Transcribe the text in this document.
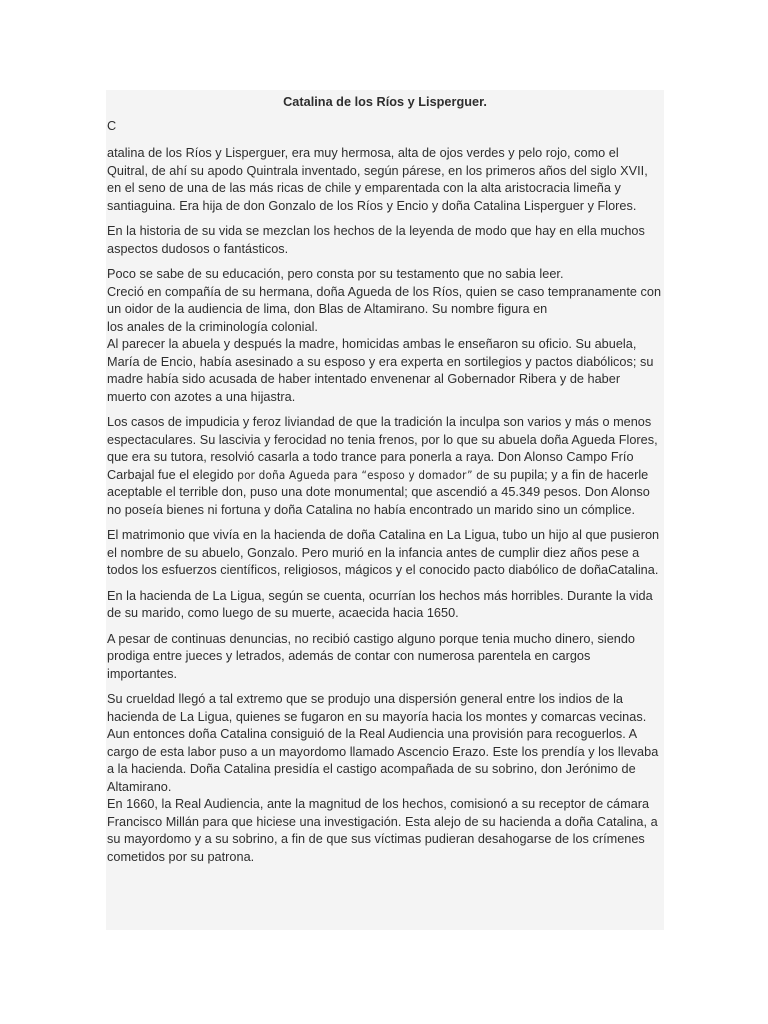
Catalina de los Ríos y Lisperguer.
C

atalina de los Ríos y Lisperguer, era muy hermosa, alta de ojos verdes y pelo rojo, como el Quitral, de ahí su apodo Quintrala inventado, según párese, en los primeros años del siglo XVII, en el seno de una de las más ricas de chile y emparentada con la alta aristocracia limeña y santiaguina. Era hija de don Gonzalo de los Ríos y Encio y doña Catalina Lisperguer y Flores.

En la historia de su vida se mezclan los hechos de la leyenda de modo que hay en ella muchos aspectos dudosos o fantásticos.

Poco se sabe de su educación, pero consta por su testamento que no sabia leer.
Creció en compañía de su hermana, doña Agueda de los Ríos, quien se caso tempranamente con un oidor de la audiencia de lima, don Blas de Altamirano. Su nombre figura en
los anales de la criminología colonial.
Al parecer la abuela y después la madre, homicidas ambas le enseñaron su oficio. Su abuela, María de Encio, había asesinado a su esposo y era experta en sortilegios y pactos diabólicos; su madre había sido acusada de haber intentado envenenar al Gobernador Ribera y de haber muerto con azotes a una hijastra.

Los casos de impudicia y feroz liviandad de que la tradición la inculpa son varios y más o menos espectaculares. Su lascivia y ferocidad no tenia frenos, por lo que su abuela doña Agueda Flores, que era su tutora, resolvió casarla a todo trance para ponerla a raya. Don Alonso Campo Frío Carbajal fue el elegido por doña Agueda para “esposo y domador” de su pupila; y a fin de hacerle aceptable el terrible don, puso una dote monumental; que ascendió a 45.349 pesos. Don Alonso no poseía bienes ni fortuna y doña Catalina no había encontrado un marido sino un cómplice.

El matrimonio que vivía en la hacienda de doña Catalina en La Ligua, tubo un hijo al que pusieron el nombre de su abuelo, Gonzalo. Pero murió en la infancia antes de cumplir diez años pese a todos los esfuerzos científicos, religiosos, mágicos y el conocido pacto diabólico de doñaCatalina.

En la hacienda de La Ligua, según se cuenta, ocurrían los hechos más horribles. Durante la vida de su marido, como luego de su muerte, acaecida hacia 1650.

A pesar de continuas denuncias, no recibió castigo alguno porque tenia mucho dinero, siendo prodiga entre jueces y letrados, además de contar con numerosa parentela en cargos importantes.

Su crueldad llegó a tal extremo que se produjo una dispersión general entre los indios de la hacienda de La Ligua, quienes se fugaron en su mayoría hacia los montes y comarcas vecinas. Aun entonces doña Catalina consiguió de la Real Audiencia una provisión para recoguerlos. A cargo de esta labor puso a un mayordomo llamado Ascencio Erazo. Este los prendía y los llevaba a la hacienda. Doña Catalina presidía el castigo acompañada de su sobrino, don Jerónimo de Altamirano.
En 1660, la Real Audiencia, ante la magnitud de los hechos, comisionó a su receptor de cámara Francisco Millán para que hiciese una investigación. Esta alejo de su hacienda a doña Catalina, a su mayordomo y a su sobrino, a fin de que sus víctimas pudieran desahogarse de los crímenes cometidos por su patrona.
